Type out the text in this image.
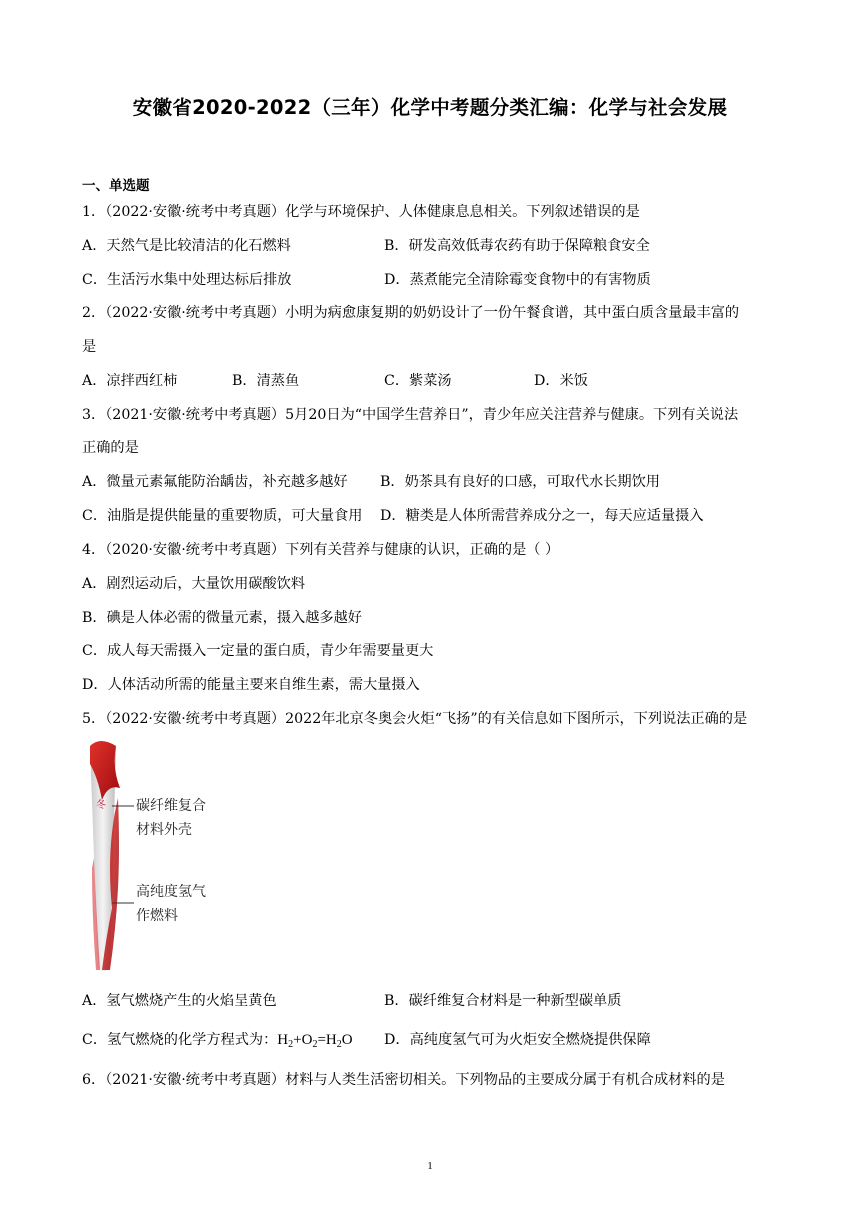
安徽省2020-2022（三年）化学中考题分类汇编：化学与社会发展
一、单选题
1．（2022·安徽·统考中考真题）化学与环境保护、人体健康息息相关。下列叙述错误的是
A．天然气是比较清洁的化石燃料	B．研发高效低毒农药有助于保障粮食安全
C．生活污水集中处理达标后排放	D．蒸煮能完全清除霉变食物中的有害物质
2．（2022·安徽·统考中考真题）小明为病愈康复期的奶奶设计了一份午餐食谱，其中蛋白质含量最丰富的
是
A．凉拌西红柿	B．清蒸鱼	C．紫菜汤	D．米饭
3．（2021·安徽·统考中考真题）5月20日为“中国学生营养日”，青少年应关注营养与健康。下列有关说法
正确的是
A．微量元素氟能防治龋齿，补充越多越好 B．奶茶具有良好的口感，可取代水长期饮用
C．油脂是提供能量的重要物质，可大量食用 D．糖类是人体所需营养成分之一，每天应适量摄入
4．（2020·安徽·统考中考真题）下列有关营养与健康的认识，正确的是（ ）
A．剧烈运动后，大量饮用碳酸饮料
B．碘是人体必需的微量元素，摄入越多越好
C．成人每天需摄入一定量的蛋白质，青少年需要量更大
D．人体活动所需的能量主要来自维生素，需大量摄入
5．（2022·安徽·统考中考真题）2022年北京冬奥会火炬“飞扬”的有关信息如下图所示，下列说法正确的是
冬 碳纤维复合
材料外壳
高纯度氢气
作燃料
A．氢气燃烧产生的火焰呈黄色	B．碳纤维复合材料是一种新型碳单质
C．氢气燃烧的化学方程式为：$H_2+O_2=H_2O$ D．高纯度氢气可为火炬安全燃烧提供保障
6．（2021·安徽·统考中考真题）材料与人类生活密切相关。下列物品的主要成分属于有机合成材料的是
1
